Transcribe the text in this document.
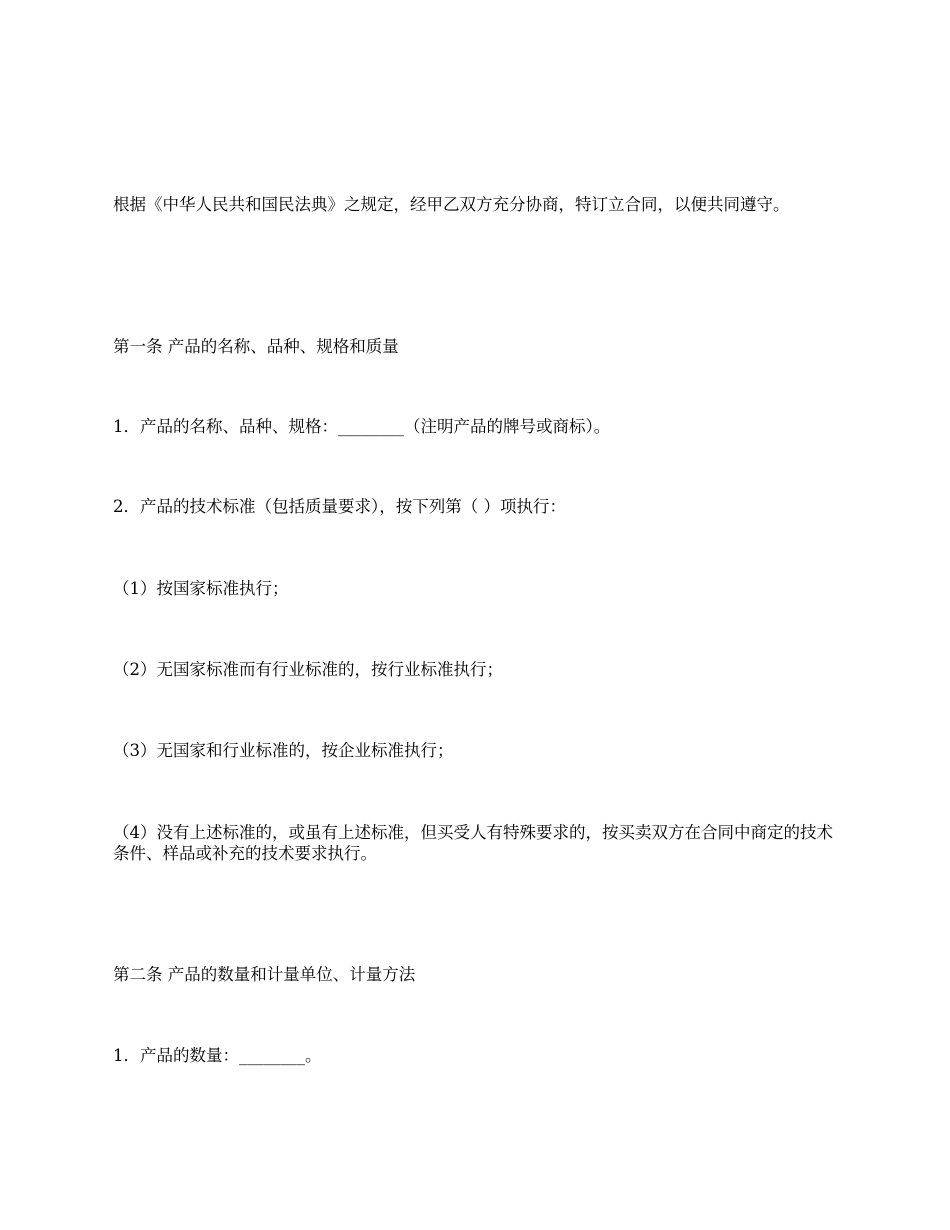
根据《中华人民共和国民法典》之规定，经甲乙双方充分协商，特订立合同，以便共同遵守。

第一条 产品的名称、品种、规格和质量

1．产品的名称、品种、规格：________（注明产品的牌号或商标）。

2．产品的技术标准（包括质量要求），按下列第（ ）项执行：

（1）按国家标准执行；

（2）无国家标准而有行业标准的，按行业标准执行；

（3）无国家和行业标准的，按企业标准执行；

（4）没有上述标准的，或虽有上述标准，但买受人有特殊要求的，按买卖双方在合同中商定的技术条件、样品或补充的技术要求执行。

第二条 产品的数量和计量单位、计量方法

1．产品的数量：________。
